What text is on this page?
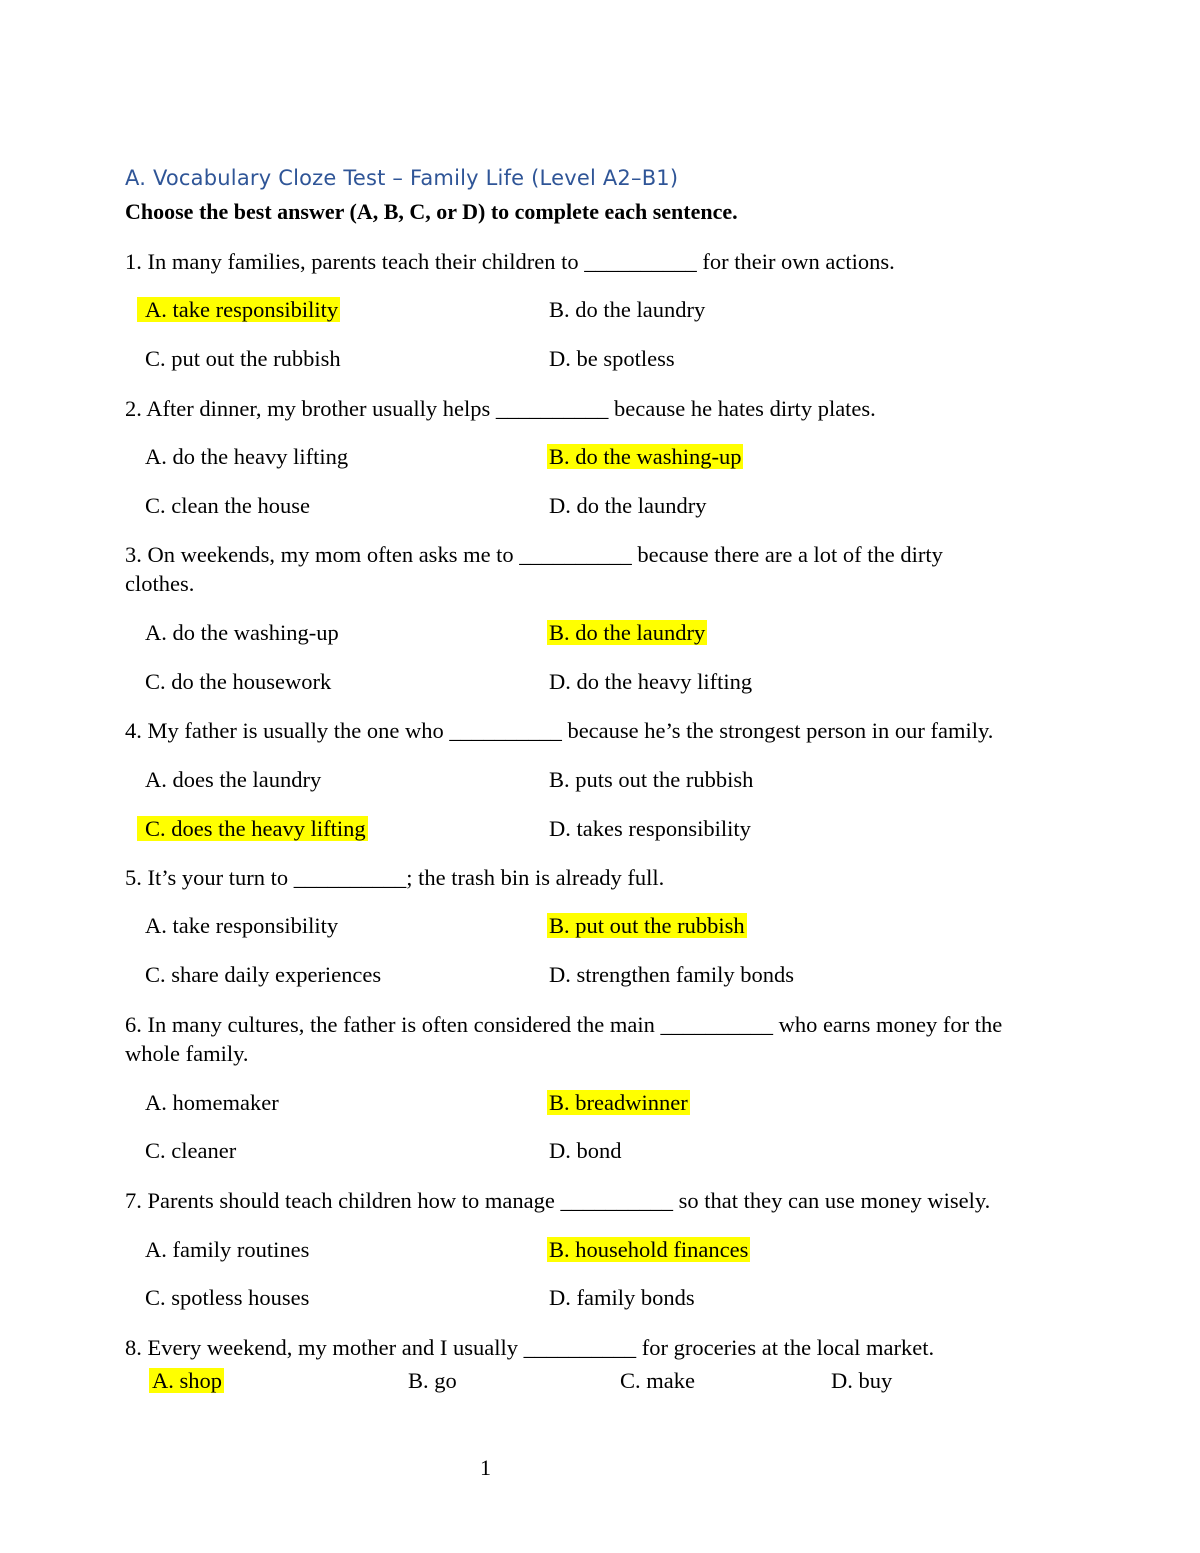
A. Vocabulary Cloze Test – Family Life (Level A2–B1)
Choose the best answer (A, B, C, or D) to complete each sentence.
1. In many families, parents teach their children to __________ for their own actions.
A. take responsibility	B. do the laundry
C. put out the rubbish	D. be spotless
2. After dinner, my brother usually helps __________ because he hates dirty plates.
A. do the heavy lifting	B. do the washing-up
C. clean the house	D. do the laundry
3. On weekends, my mom often asks me to __________ because there are a lot of the dirty
clothes.
A. do the washing-up	B. do the laundry
C. do the housework	D. do the heavy lifting
4. My father is usually the one who __________ because he’s the strongest person in our family.
A. does the laundry	B. puts out the rubbish
C. does the heavy lifting	D. takes responsibility
5. It’s your turn to __________; the trash bin is already full.
A. take responsibility	B. put out the rubbish
C. share daily experiences	D. strengthen family bonds
6. In many cultures, the father is often considered the main __________ who earns money for the
whole family.
A. homemaker	B. breadwinner
C. cleaner	D. bond
7. Parents should teach children how to manage __________ so that they can use money wisely.
A. family routines	B. household finances
C. spotless houses	D. family bonds
8. Every weekend, my mother and I usually __________ for groceries at the local market.
A. shop	B. go	C. make	D. buy
1
